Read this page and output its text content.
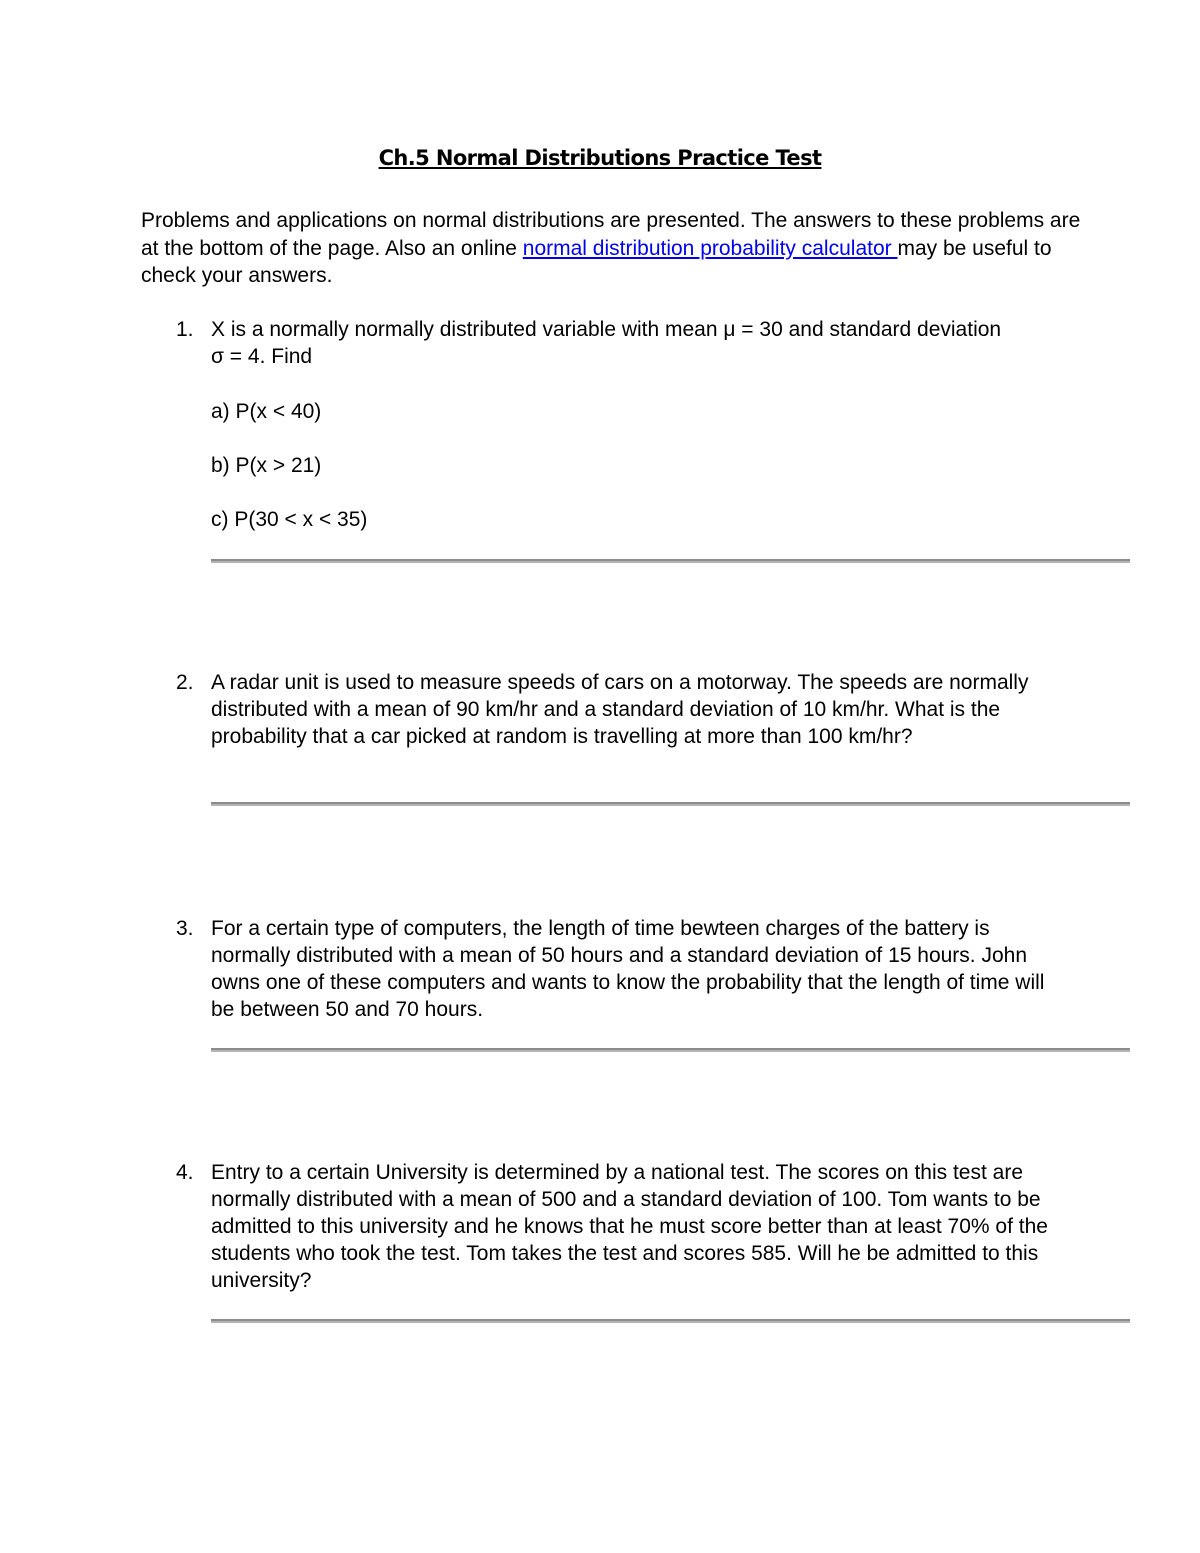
Ch.5 Normal Distributions Practice Test
Problems and applications on normal distributions are presented. The answers to these problems are at the bottom of the page. Also an online normal distribution probability calculator may be useful to check your answers.
1. X is a normally normally distributed variable with mean μ = 30 and standard deviation σ = 4. Find
a) P(x < 40)
b) P(x > 21)
c) P(30 < x < 35)
2. A radar unit is used to measure speeds of cars on a motorway. The speeds are normally distributed with a mean of 90 km/hr and a standard deviation of 10 km/hr. What is the probability that a car picked at random is travelling at more than 100 km/hr?
3. For a certain type of computers, the length of time bewteen charges of the battery is normally distributed with a mean of 50 hours and a standard deviation of 15 hours. John owns one of these computers and wants to know the probability that the length of time will be between 50 and 70 hours.
4. Entry to a certain University is determined by a national test. The scores on this test are normally distributed with a mean of 500 and a standard deviation of 100. Tom wants to be admitted to this university and he knows that he must score better than at least 70% of the students who took the test. Tom takes the test and scores 585. Will he be admitted to this university?
